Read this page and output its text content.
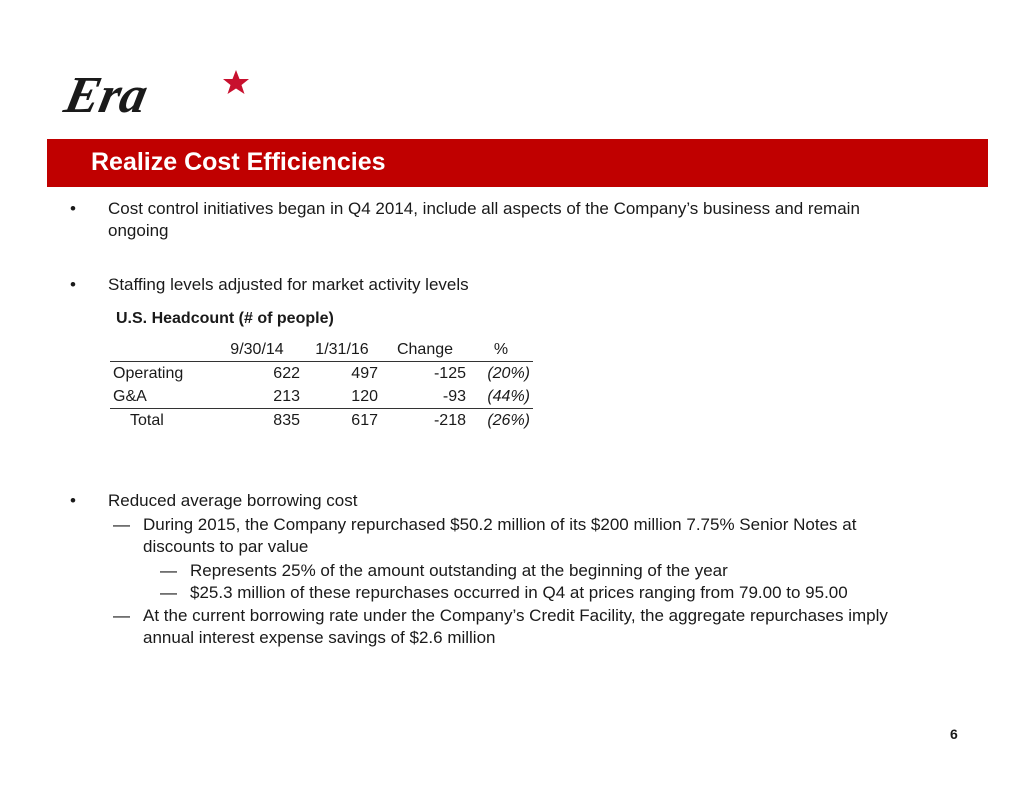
Era
Realize Cost Efficiencies
• Cost control initiatives began in Q4 2014, include all aspects of the Company’s business and remain ongoing
• Staffing levels adjusted for market activity levels
U.S. Headcount (# of people)
	9/30/14	1/31/16	Change	%
Operating	622	497	-125	(20%)
G&A	213	120	-93	(44%)
Total	835	617	-218	(26%)
• Reduced average borrowing cost
— During 2015, the Company repurchased $50.2 million of its $200 million 7.75% Senior Notes at discounts to par value
— Represents 25% of the amount outstanding at the beginning of the year
— $25.3 million of these repurchases occurred in Q4 at prices ranging from 79.00 to 95.00
— At the current borrowing rate under the Company’s Credit Facility, the aggregate repurchases imply annual interest expense savings of $2.6 million
6
